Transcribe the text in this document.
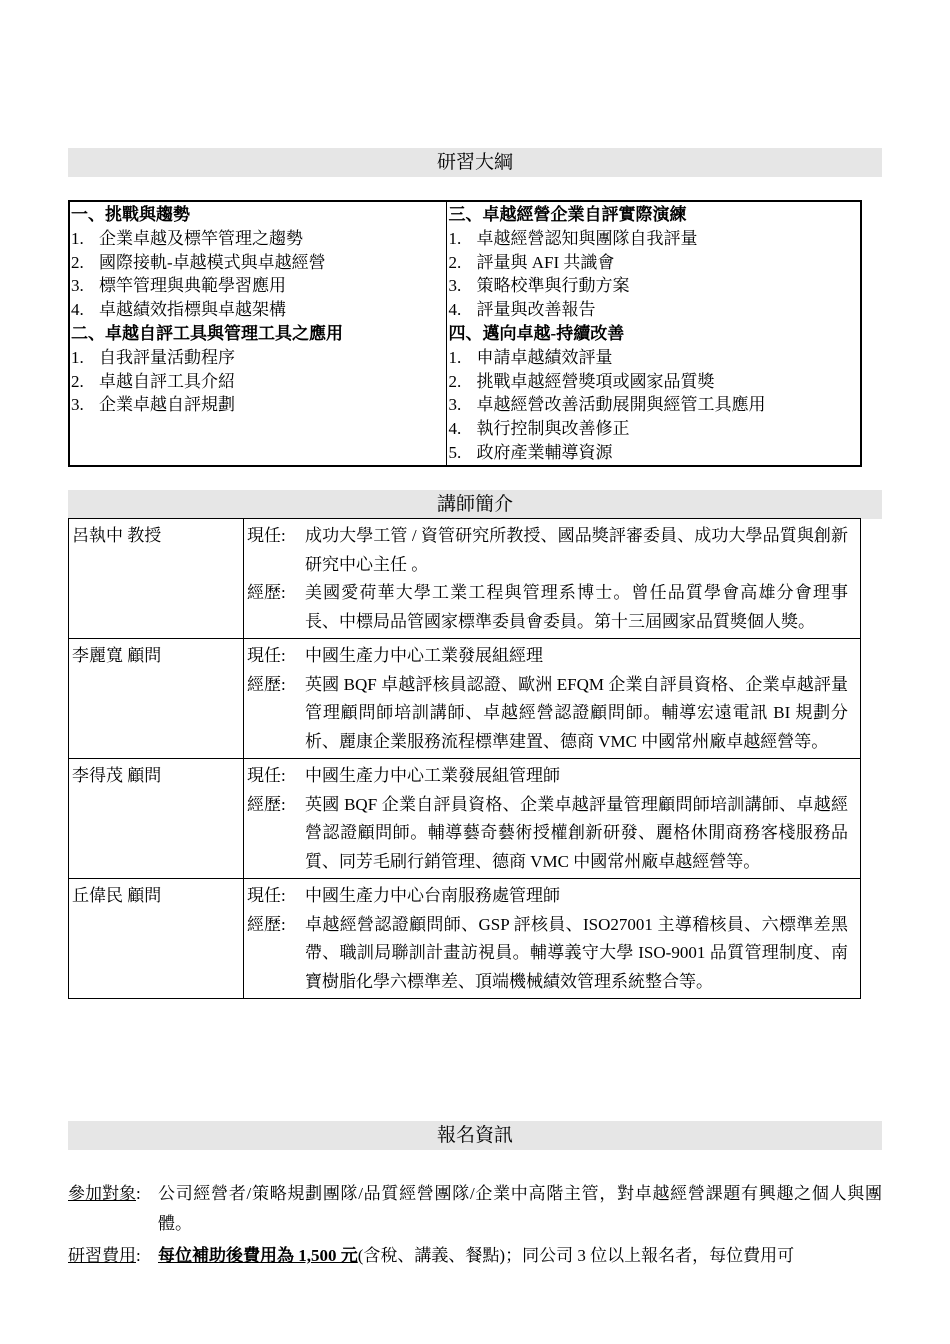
研習大綱
一、挑戰與趨勢
1. 企業卓越及標竿管理之趨勢
2. 國際接軌-卓越模式與卓越經營
3. 標竿管理與典範學習應用
4. 卓越績效指標與卓越架構
二、卓越自評工具與管理工具之應用
1. 自我評量活動程序
2. 卓越自評工具介紹
3. 企業卓越自評規劃
三、卓越經營企業自評實際演練
1. 卓越經營認知與團隊自我評量
2. 評量與 AFI 共識會
3. 策略校準與行動方案
4. 評量與改善報告
四、邁向卓越-持續改善
1. 申請卓越績效評量
2. 挑戰卓越經營獎項或國家品質獎
3. 卓越經營改善活動展開與經管工具應用
4. 執行控制與改善修正
5. 政府產業輔導資源
講師簡介
呂執中 教授	現任: 成功大學工管 / 資管研究所教授、國品獎評審委員、成功大學品質與創新研究中心主任 。
經歷: 美國愛荷華大學工業工程與管理系博士。曾任品質學會高雄分會理事長、中標局品管國家標準委員會委員。第十三屆國家品質獎個人獎。

李麗寬 顧問	現任: 中國生產力中心工業發展組經理
經歷: 英國 BQF 卓越評核員認證、歐洲 EFQM 企業自評員資格、企業卓越評量管理顧問師培訓講師、卓越經營認證顧問師。輔導宏遠電訊 BI 規劃分析、麗康企業服務流程標準建置、德商 VMC 中國常州廠卓越經營等。

李得茂 顧問	現任: 中國生產力中心工業發展組管理師
經歷: 英國 BQF 企業自評員資格、企業卓越評量管理顧問師培訓講師、卓越經營認證顧問師。輔導藝奇藝術授權創新研發、麗格休閒商務客棧服務品質、同芳毛刷行銷管理、德商 VMC 中國常州廠卓越經營等。

丘偉民 顧問	現任: 中國生產力中心台南服務處管理師
經歷: 卓越經營認證顧問師、GSP 評核員、ISO27001 主導稽核員、六標準差黑帶、職訓局聯訓計畫訪視員。輔導義守大學 ISO-9001 品質管理制度、南寶樹脂化學六標準差、頂端機械績效管理系統整合等。
報名資訊
參加對象 :	公司經營者/策略規劃團隊/品質經營團隊/企業中高階主管，對卓越經營課題有興趣之個人與團體。
研習費用 :	每位補助後費用為 1,500 元(含稅、講義、餐點)；同公司 3 位以上報名者，每位費用可
